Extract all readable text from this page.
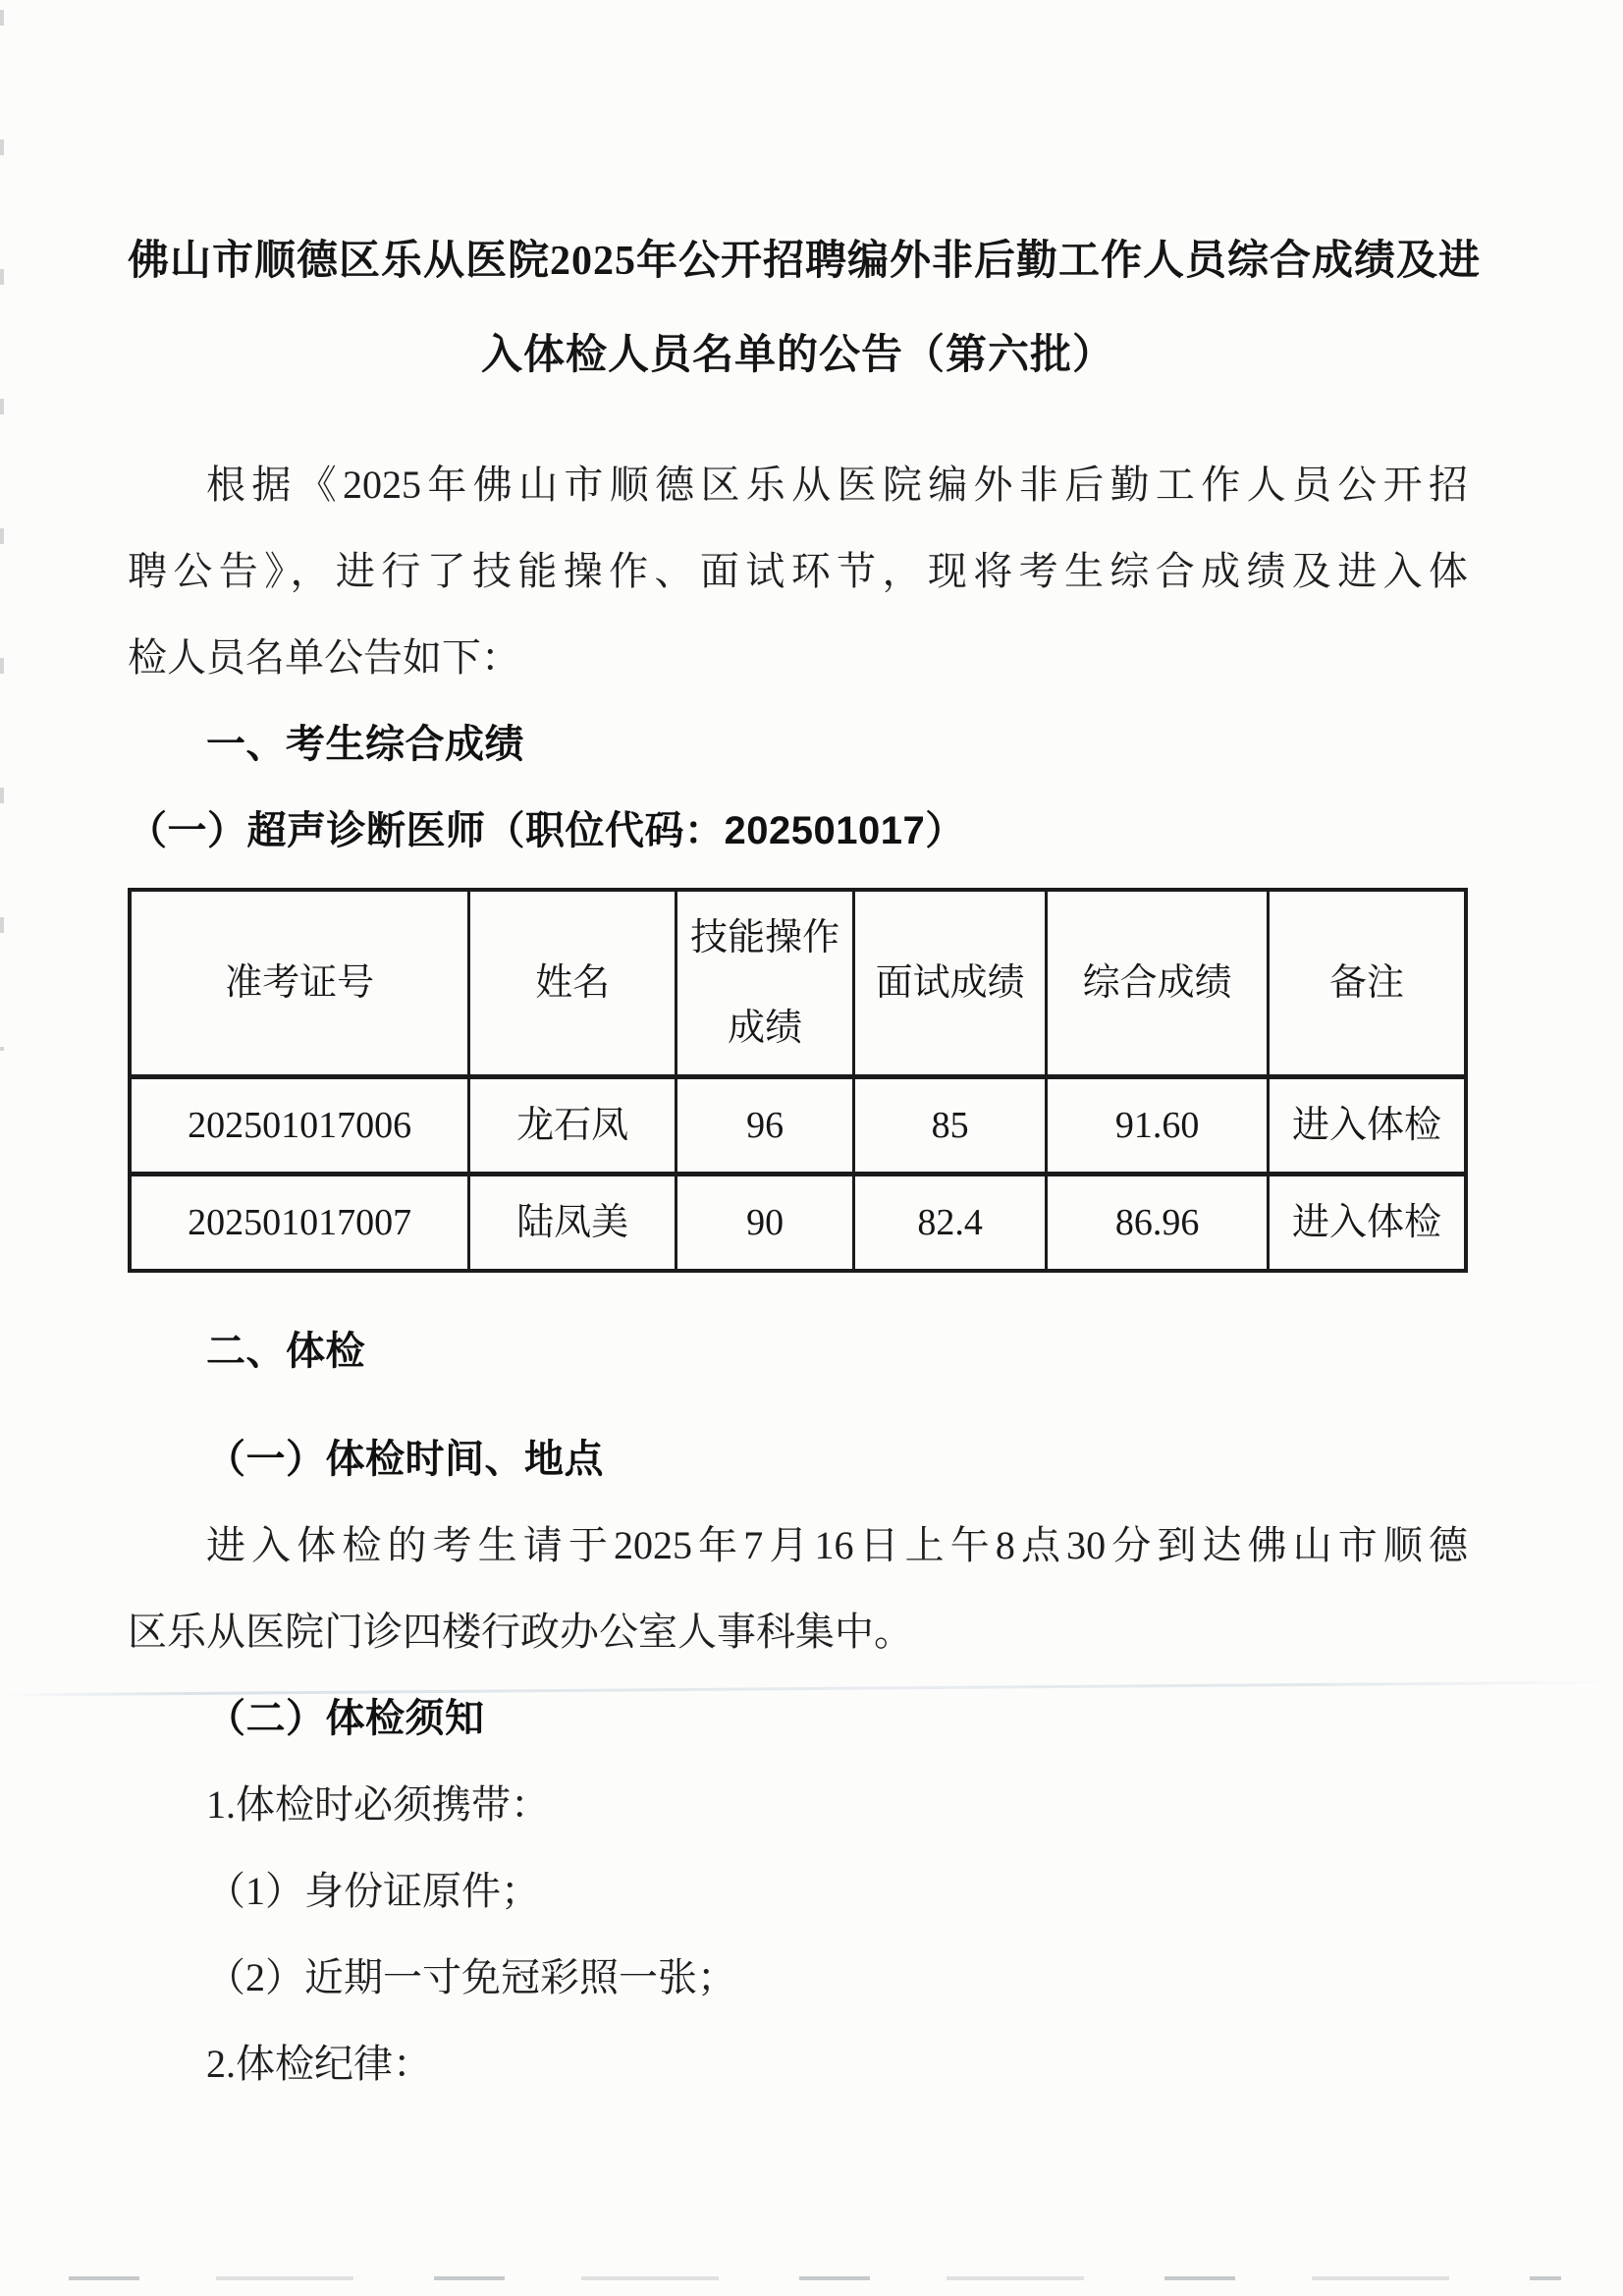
佛山市顺德区乐从医院2025年公开招聘编外非后勤工作人员综合成绩及进
入体检人员名单的公告（第六批）
根据《2025年佛山市顺德区乐从医院编外非后勤工作人员公开招
聘公告》，进行了技能操作、面试环节，现将考生综合成绩及进入体
检人员名单公告如下：
一、考生综合成绩
（一）超声诊断医师（职位代码：202501017）
准考证号	姓名	技能操作成绩	面试成绩	综合成绩	备注
202501017006	龙石凤	96	85	91.60	进入体检
202501017007	陆凤美	90	82.4	86.96	进入体检
二、体检
（一）体检时间、地点
进入体检的考生请于2025年7月16日上午8点30分到达佛山市顺德
区乐从医院门诊四楼行政办公室人事科集中。
（二）体检须知
1.体检时必须携带：
（1）身份证原件；
（2）近期一寸免冠彩照一张；
2.体检纪律：
